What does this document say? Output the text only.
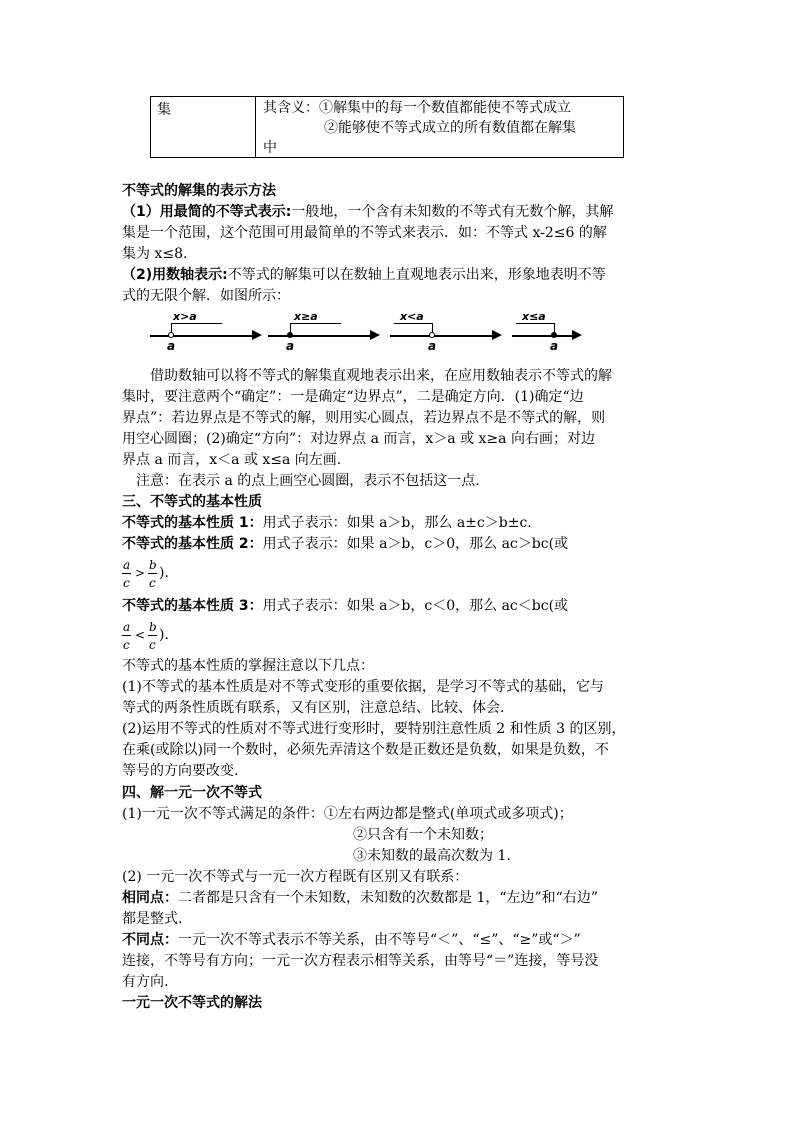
集	其含义：①解集中的每一个数值都能使不等式成立
②能够使不等式成立的所有数值都在解集
中
不等式的解集的表示方法
（1）用最简的不等式表示:一般地，一个含有未知数的不等式有无数个解，其解
集是一个范围，这个范围可用最简单的不等式来表示．如：不等式 x-2≤6 的解
集为 x≤8.
（2)用数轴表示:不等式的解集可以在数轴上直观地表示出来，形象地表明不等
式的无限个解．如图所示：
x>a
a
x≥a
a
x<a
a
x≤a
a
借助数轴可以将不等式的解集直观地表示出来，在应用数轴表示不等式的解
集时，要注意两个“确定”：一是确定“边界点”，二是确定方向．(1)确定“边
界点”：若边界点是不等式的解，则用实心圆点，若边界点不是不等式的解，则
用空心圆圈；(2)确定“方向”：对边界点 a 而言，x＞a 或 x≥a 向右画；对边
界点 a 而言，x＜a 或 x≤a 向左画.
注意：在表示 a 的点上画空心圆圈，表示不包括这一点.
三、不等式的基本性质
不等式的基本性质 1：用式子表示：如果 a＞b，那么 a±c＞b±c.
不等式的基本性质 2：用式子表示：如果 a＞b，c＞0，那么 ac＞bc(或
a
c
>
b
c
).
不等式的基本性质 3：用式子表示：如果 a＞b，c＜0，那么 ac＜bc(或
a
c
<
b
c
).
不等式的基本性质的掌握注意以下几点：
(1)不等式的基本性质是对不等式变形的重要依据，是学习不等式的基础，它与
等式的两条性质既有联系，又有区别，注意总结、比较、体会.
(2)运用不等式的性质对不等式进行变形时，要特别注意性质 2 和性质 3 的区别，
在乘(或除以)同一个数时，必须先弄清这个数是正数还是负数，如果是负数，不
等号的方向要改变.
四、解一元一次不等式
(1)一元一次不等式满足的条件：①左右两边都是整式(单项式或多项式)；
②只含有一个未知数；
③未知数的最高次数为 1.
(2) 一元一次不等式与一元一次方程既有区别又有联系：
相同点：二者都是只含有一个未知数，未知数的次数都是 1，“左边”和“右边”
都是整式.
不同点：一元一次不等式表示不等关系，由不等号“＜”、“≤”、“≥”或“＞”
连接，不等号有方向；一元一次方程表示相等关系，由等号“＝”连接，等号没
有方向.
一元一次不等式的解法
